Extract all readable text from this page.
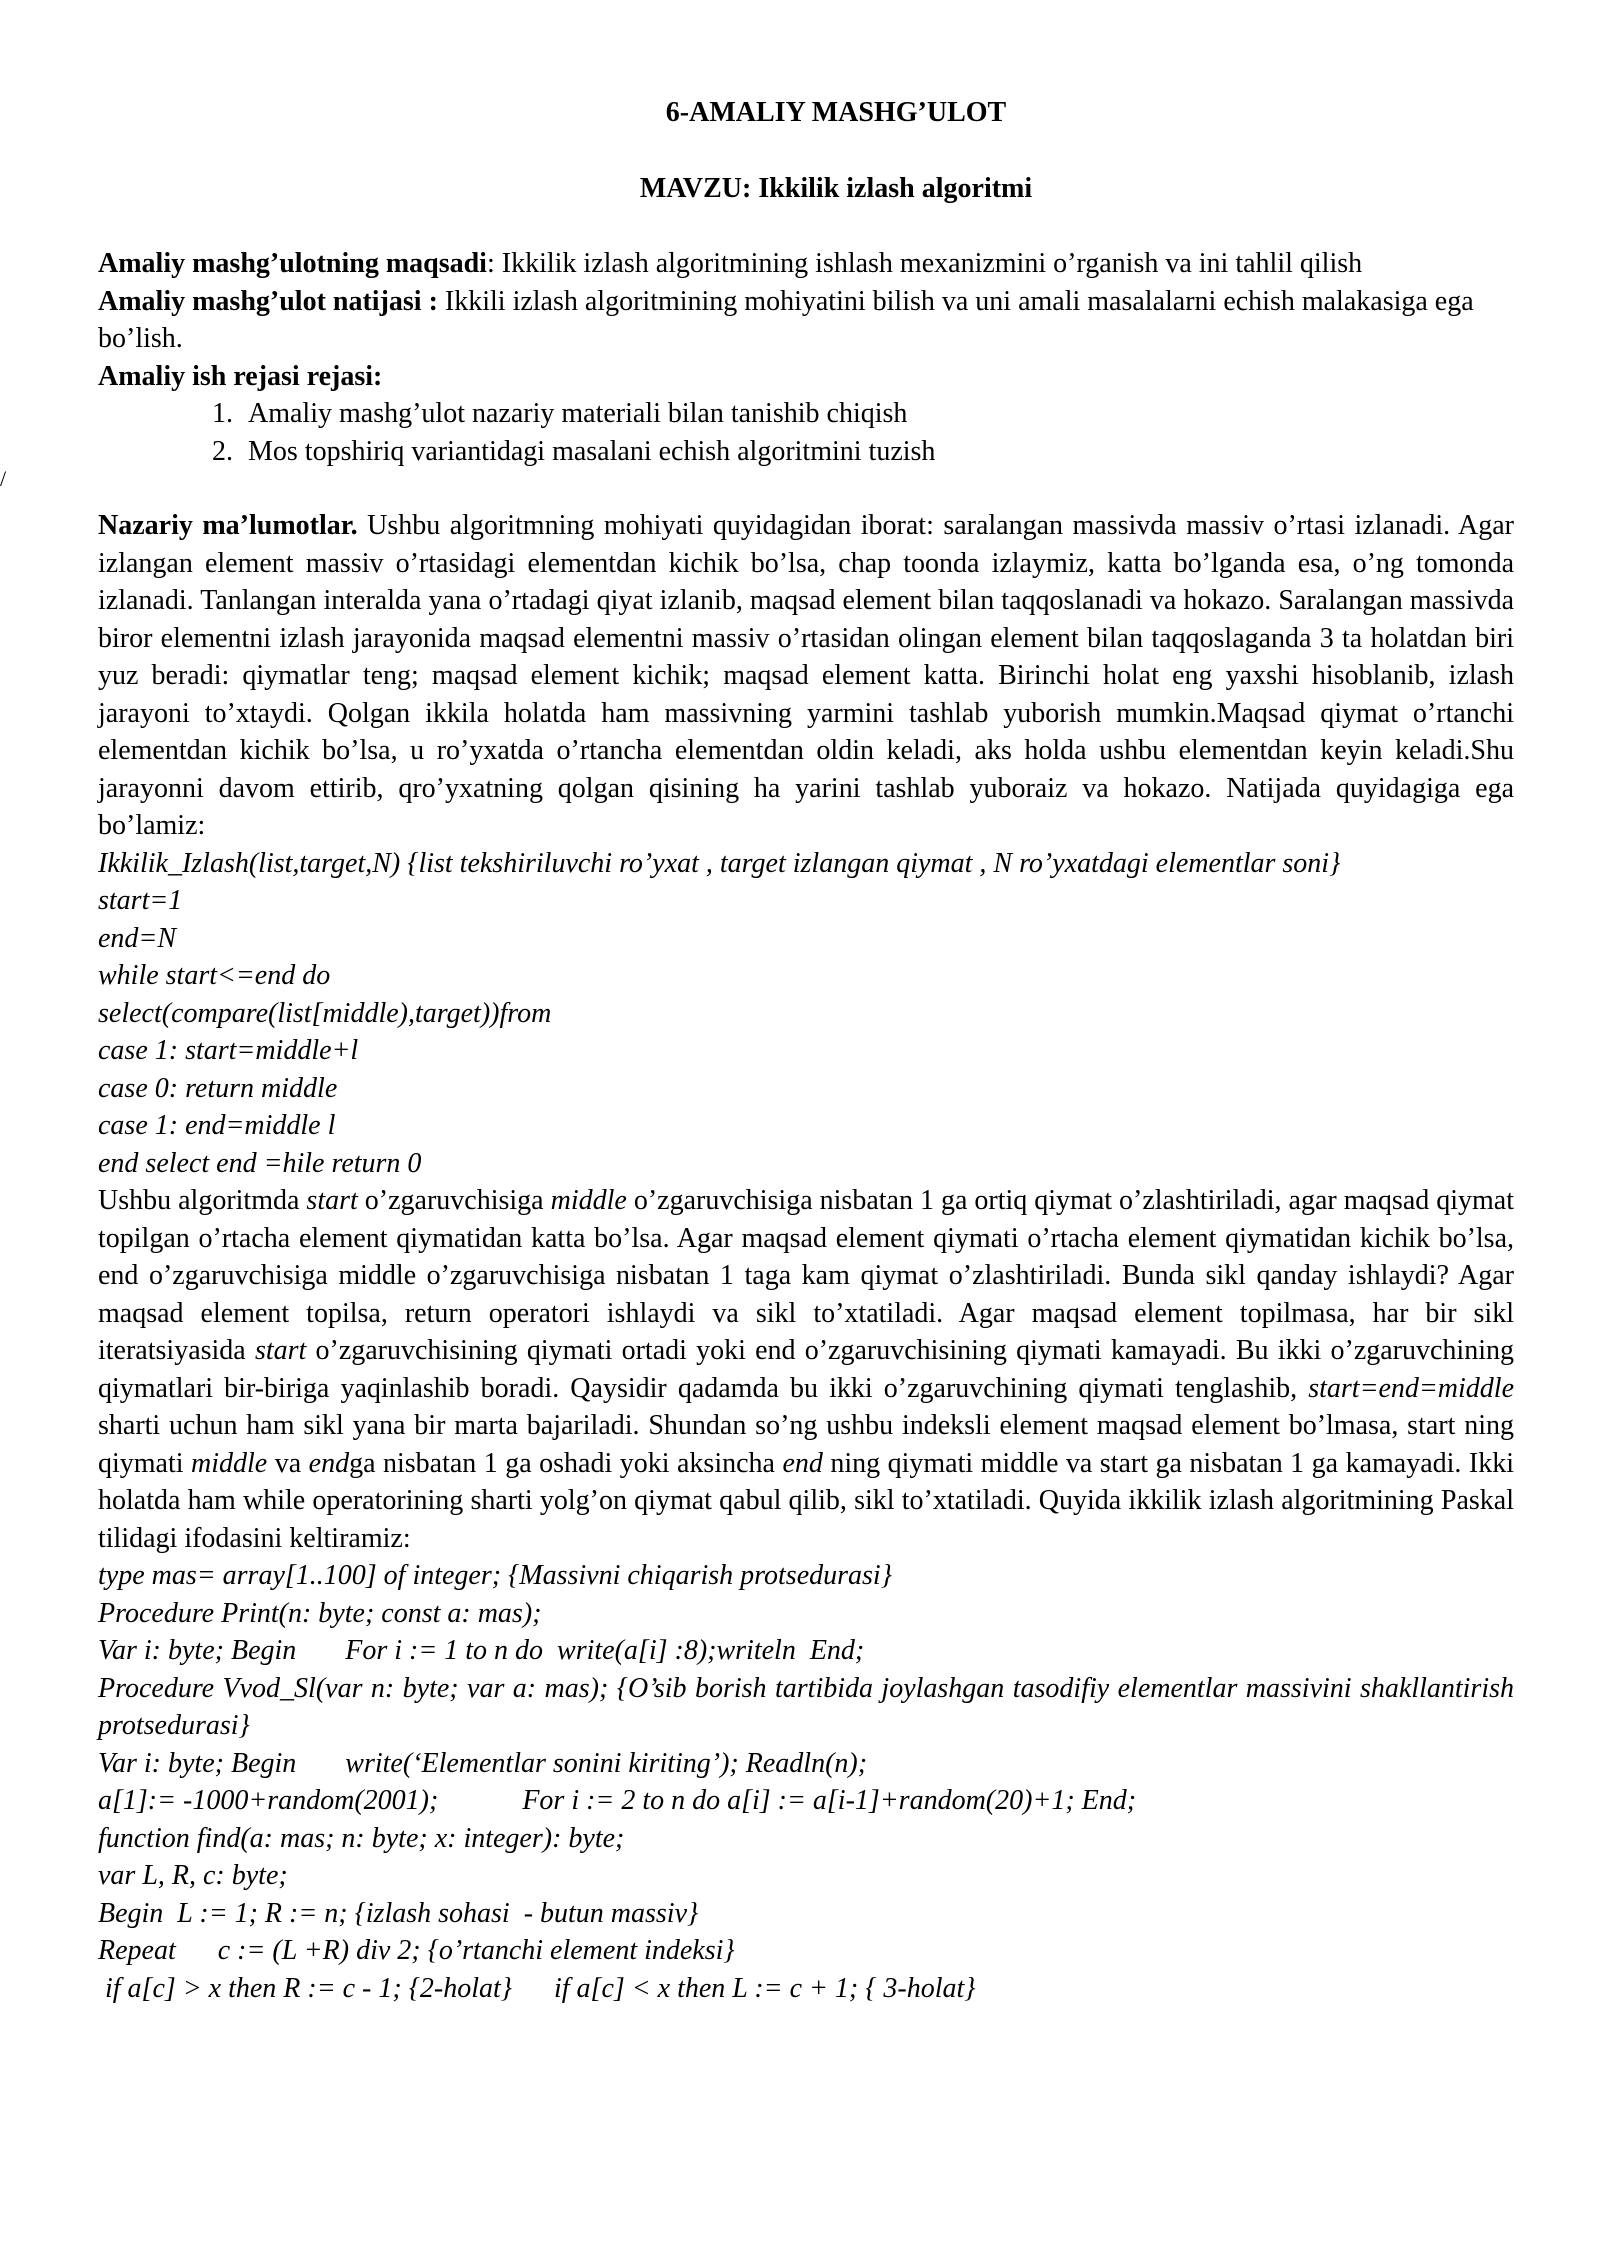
6-AMALIY MASHG’ULOT

MAVZU: Ikkilik izlash algoritmi

Amaliy mashg’ulotning maqsadi: Ikkilik izlash algoritmining ishlash mexanizmini o’rganish va ini tahlil qilish

Amaliy mashg’ulot natijasi : Ikkili izlash algoritmining mohiyatini bilish va uni amali masalalarni echish malakasiga ega bo’lish.

Amaliy ish rejasi rejasi:

1. Amaliy mashg’ulot nazariy materiali bilan tanishib chiqish
2. Mos topshiriq variantidagi masalani echish algoritmini tuzish

Nazariy ma’lumotlar. Ushbu algoritmning mohiyati quyidagidan iborat: saralangan massivda massiv o’rtasi izlanadi. Agar izlangan element massiv o’rtasidagi elementdan kichik bo’lsa, chap toonda izlaymiz, katta bo’lganda esa, o’ng tomonda izlanadi. Tanlangan interalda yana o’rtadagi qiyat izlanib, maqsad element bilan taqqoslanadi va hokazo. Saralangan massivda biror elementni izlash jarayonida maqsad elementni massiv o’rtasidan olingan element bilan taqqoslaganda 3 ta holatdan biri yuz beradi: qiymatlar teng; maqsad element kichik; maqsad element katta. Birinchi holat eng yaxshi hisoblanib, izlash jarayoni to’xtaydi. Qolgan ikkila holatda ham massivning yarmini tashlab yuborish mumkin.Maqsad qiymat o’rtanchi elementdan kichik bo’lsa, u ro’yxatda o’rtancha elementdan oldin keladi, aks holda ushbu elementdan keyin keladi.Shu jarayonni davom ettirib, qro’yxatning qolgan qisining ha yarini tashlab yuboraiz va hokazo. Natijada quyidagiga ega bo’lamiz:

Ikkilik_Izlash(list,target,N) {list tekshiriluvchi ro’yxat , target izlangan qiymat , N ro’yxatdagi elementlar soni}

start=1

end=N

while start<=end do

select(compare(list[middle),target))from

case 1: start=middle+l

case 0: return middle

case 1: end=middle l

end select end =hile return 0

Ushbu algoritmda start o’zgaruvchisiga middle o’zgaruvchisiga nisbatan 1 ga ortiq qiymat o’zlashtiriladi, agar maqsad qiymat topilgan o’rtacha element qiymatidan katta bo’lsa. Agar maqsad element qiymati o’rtacha element qiymatidan kichik bo’lsa, end o’zgaruvchisiga middle o’zgaruvchisiga nisbatan 1 taga kam qiymat o’zlashtiriladi. Bunda sikl qanday ishlaydi? Agar maqsad element topilsa, return operatori ishlaydi va sikl to’xtatiladi. Agar maqsad element topilmasa, har bir sikl iteratsiyasida start o’zgaruvchisining qiymati ortadi yoki end o’zgaruvchisining qiymati kamayadi. Bu ikki o’zgaruvchining qiymatlari bir-biriga yaqinlashib boradi. Qaysidir qadamda bu ikki o’zgaruvchining qiymati tenglashib, start=end=middle sharti uchun ham sikl yana bir marta bajariladi. Shundan so’ng ushbu indeksli element maqsad element bo’lmasa, start ning qiymati middle va endga nisbatan 1 ga oshadi yoki aksincha end ning qiymati middle va start ga nisbatan 1 ga kamayadi. Ikki holatda ham while operatorining sharti yolg’on qiymat qabul qilib, sikl to’xtatiladi. Quyida ikkilik izlash algoritmining Paskal tilidagi ifodasini keltiramiz:

type mas= array[1..100] of integer; {Massivni chiqarish protsedurasi}

Procedure Print(n: byte; const a: mas);

Var i: byte; Begin       For i := 1 to n do  write(a[i] :8);writeln  End;

Procedure Vvod_Sl(var n: byte; var a: mas); {O’sib borish tartibida joylashgan tasodifiy elementlar massivini shakllantirish protsedurasi}

Var i: byte; Begin       write(‘Elementlar sonini kiriting’); Readln(n);

a[1]:= -1000+random(2001);            For i := 2 to n do a[i] := a[i-1]+random(20)+1; End;

function find(a: mas; n: byte; x: integer): byte;

var L, R, c: byte;

Begin  L := 1; R := n; {izlash sohasi  - butun massiv}

Repeat      c := (L +R) div 2; {o’rtanchi element indeksi}

if a[c] > x then R := c - 1; {2-holat}      if a[c] < x then L := c + 1; { 3-holat}

/
